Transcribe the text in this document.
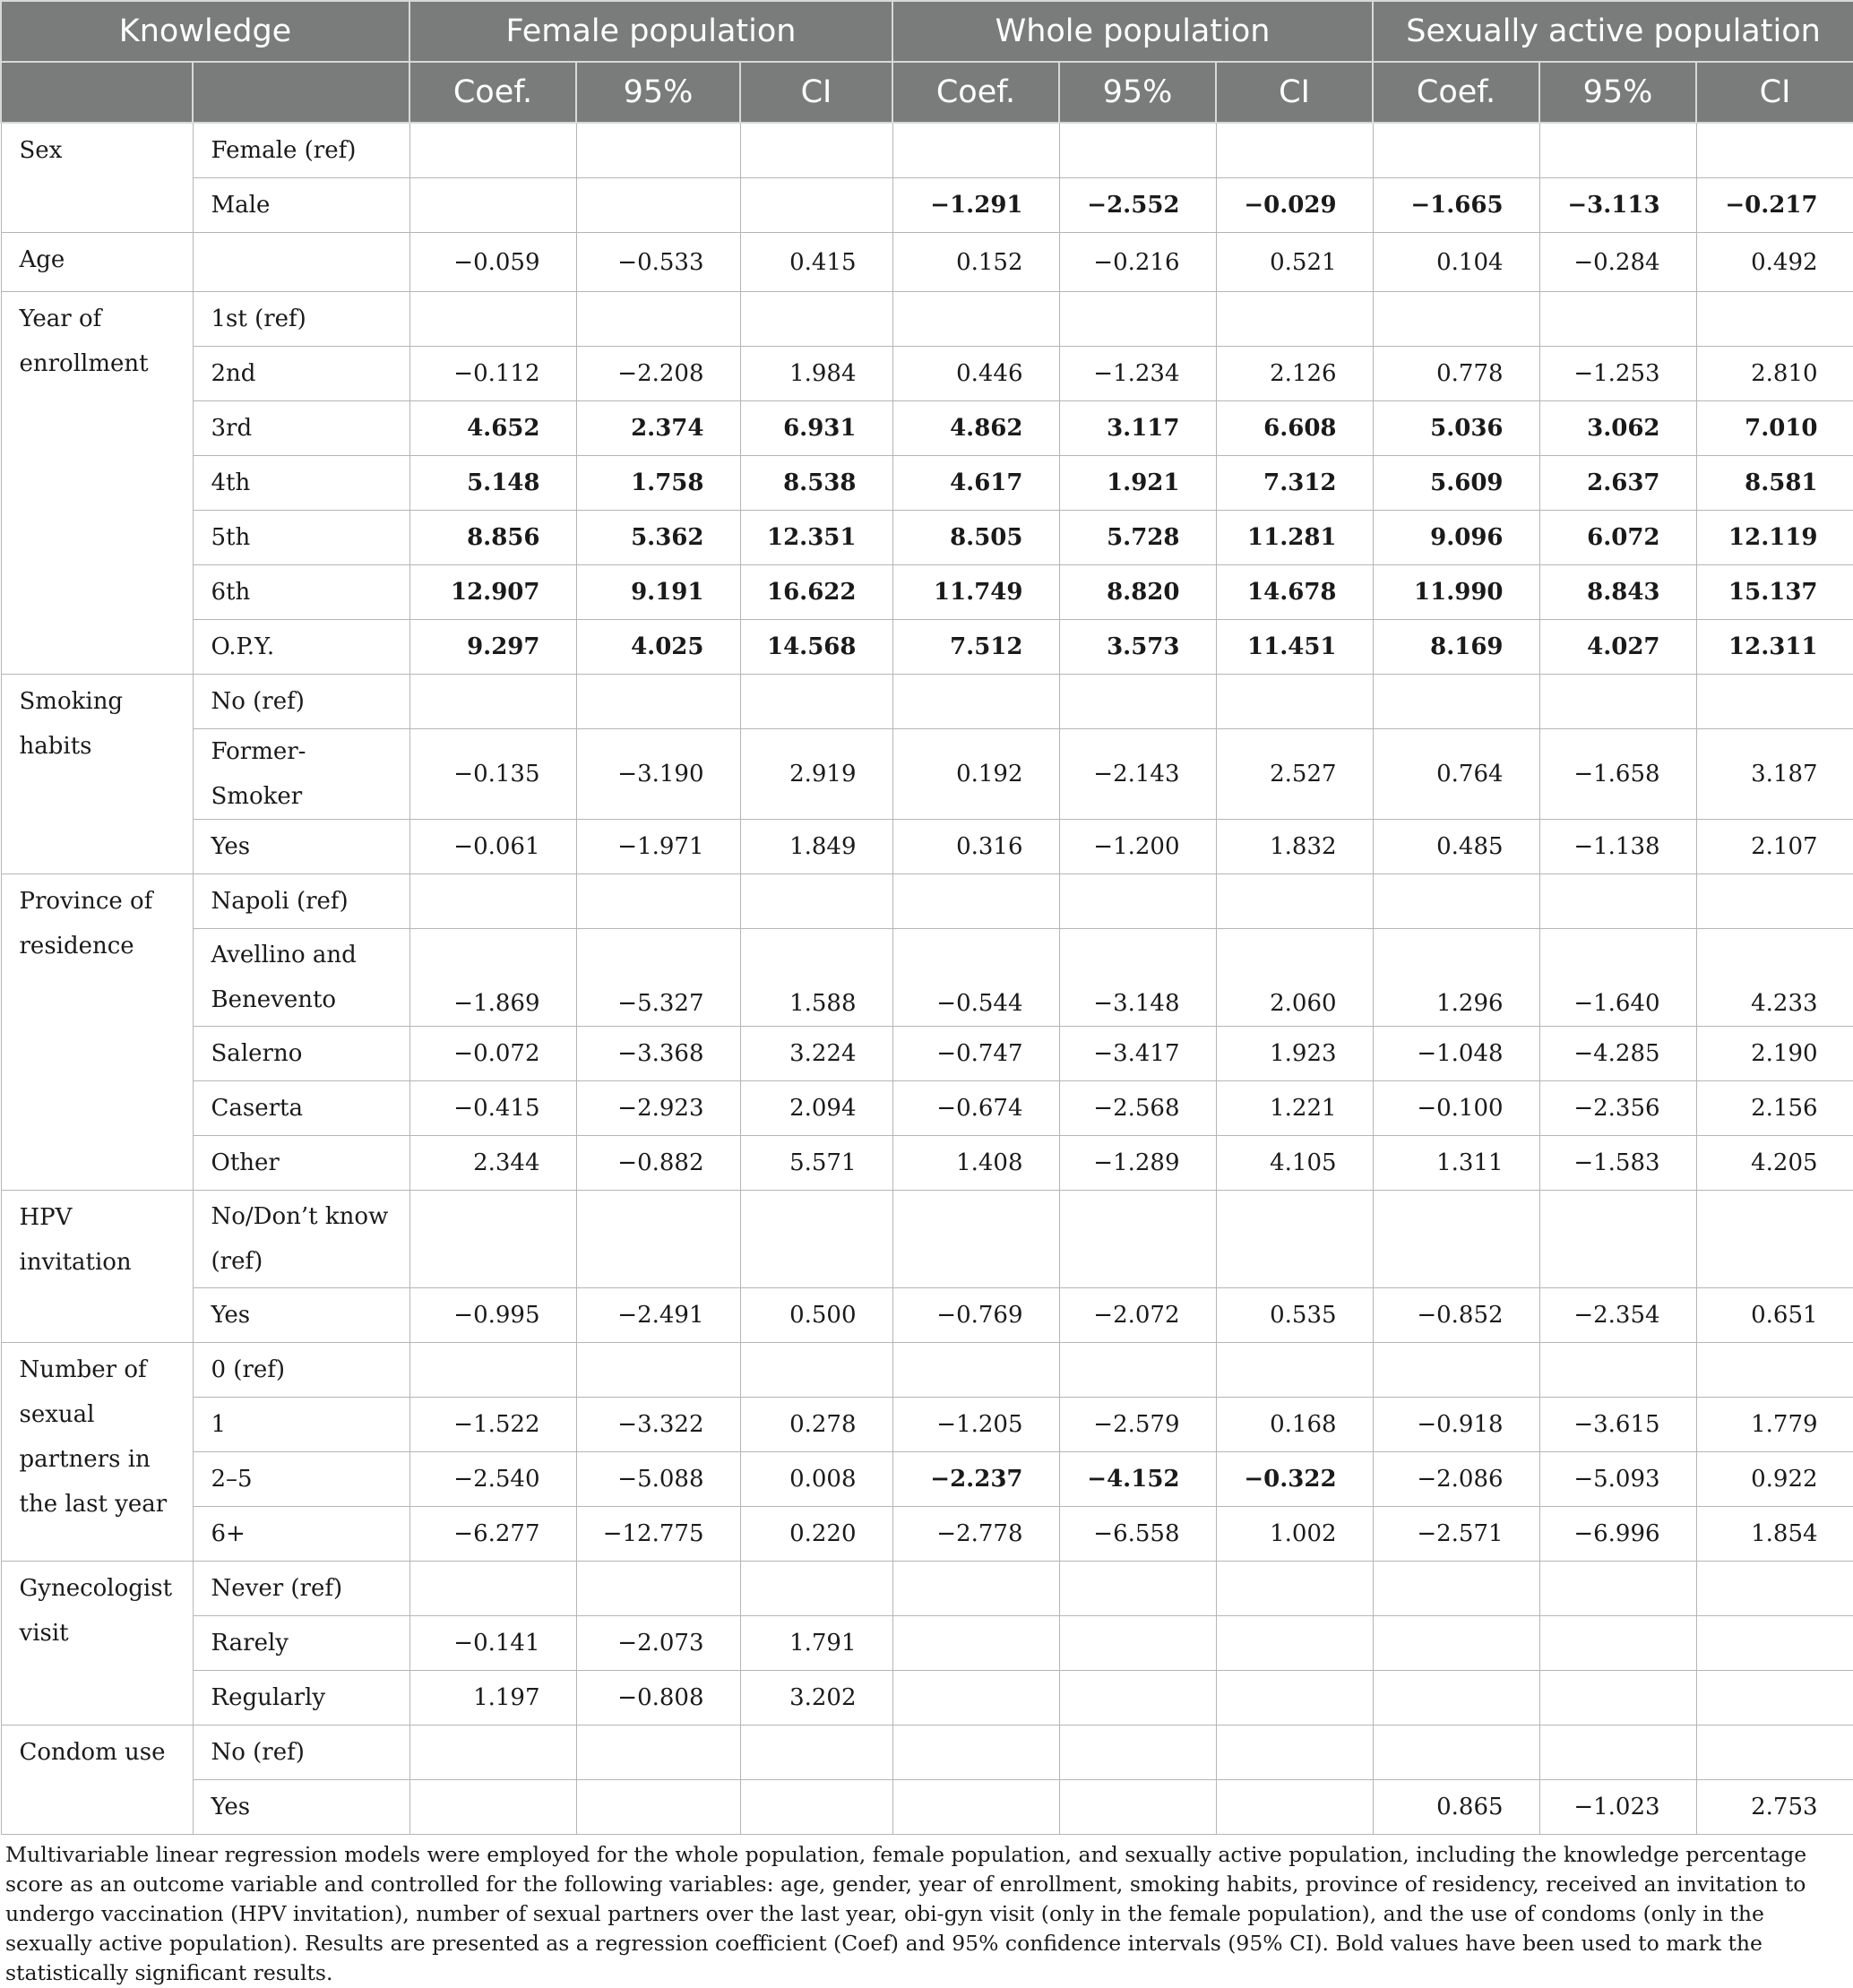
Knowledge		Female population			Whole population			Sexually active population		
		Coef.	95%	CI	Coef.	95%	CI	Coef.	95%	CI
Sex	Female (ref)									
	Male				−1.291	−2.552	−0.029	−1.665	−3.113	−0.217
Age		−0.059	−0.533	0.415	0.152	−0.216	0.521	0.104	−0.284	0.492
Year of enrollment	1st (ref)									
	2nd	−0.112	−2.208	1.984	0.446	−1.234	2.126	0.778	−1.253	2.810
	3rd	4.652	2.374	6.931	4.862	3.117	6.608	5.036	3.062	7.010
	4th	5.148	1.758	8.538	4.617	1.921	7.312	5.609	2.637	8.581
	5th	8.856	5.362	12.351	8.505	5.728	11.281	9.096	6.072	12.119
	6th	12.907	9.191	16.622	11.749	8.820	14.678	11.990	8.843	15.137
	O.P.Y.	9.297	4.025	14.568	7.512	3.573	11.451	8.169	4.027	12.311
Smoking habits	No (ref)									
	Former-Smoker	−0.135	−3.190	2.919	0.192	−2.143	2.527	0.764	−1.658	3.187
	Yes	−0.061	−1.971	1.849	0.316	−1.200	1.832	0.485	−1.138	2.107
Province of residence	Napoli (ref)									
	Avellino and Benevento	−1.869	−5.327	1.588	−0.544	−3.148	2.060	1.296	−1.640	4.233
	Salerno	−0.072	−3.368	3.224	−0.747	−3.417	1.923	−1.048	−4.285	2.190
	Caserta	−0.415	−2.923	2.094	−0.674	−2.568	1.221	−0.100	−2.356	2.156
	Other	2.344	−0.882	5.571	1.408	−1.289	4.105	1.311	−1.583	4.205
HPV invitation	No/Don’t know (ref)									
	Yes	−0.995	−2.491	0.500	−0.769	−2.072	0.535	−0.852	−2.354	0.651
Number of sexual partners in the last year	0 (ref)									
	1	−1.522	−3.322	0.278	−1.205	−2.579	0.168	−0.918	−3.615	1.779
	2–5	−2.540	−5.088	0.008	−2.237	−4.152	−0.322	−2.086	−5.093	0.922
	6+	−6.277	−12.775	0.220	−2.778	−6.558	1.002	−2.571	−6.996	1.854
Gynecologist visit	Never (ref)									
	Rarely	−0.141	−2.073	1.791						
	Regularly	1.197	−0.808	3.202						
Condom use	No (ref)									
	Yes							0.865	−1.023	2.753

Multivariable linear regression models were employed for the whole population, female population, and sexually active population, including the knowledge percentage score as an outcome variable and controlled for the following variables: age, gender, year of enrollment, smoking habits, province of residency, received an invitation to undergo vaccination (HPV invitation), number of sexual partners over the last year, obi-gyn visit (only in the female population), and the use of condoms (only in the sexually active population). Results are presented as a regression coefficient (Coef) and 95% confidence intervals (95% CI). Bold values have been used to mark the statistically significant results.
